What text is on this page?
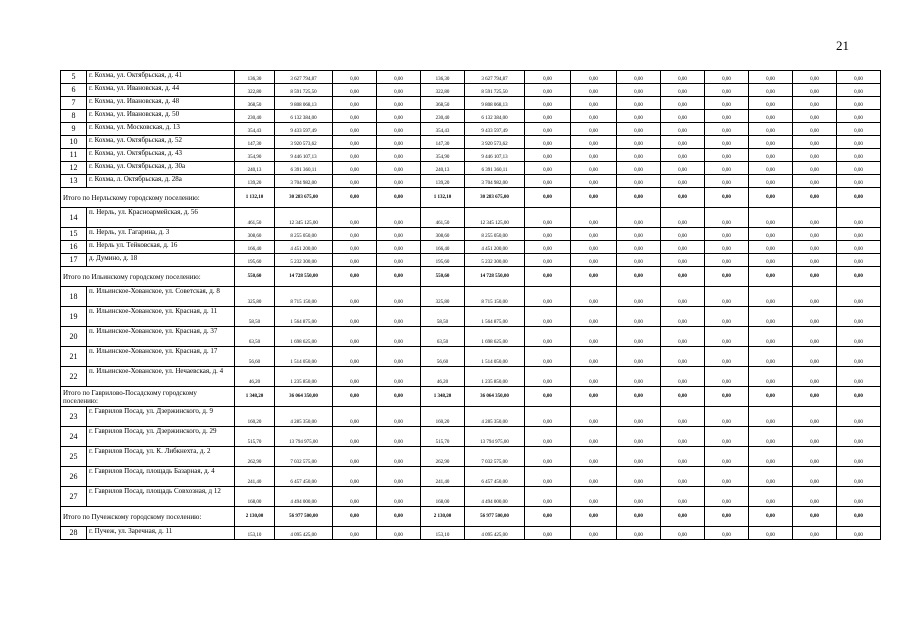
21
5	г. Кохма, ул. Октябрьская, д. 41	136,30	3 627 794,87	0,00	0,00	136,30	3 627 794,87	0,00	0,00	0,00	0,00	0,00	0,00	0,00	0,00
6	г. Кохма, ул. Ивановская, д. 44	322,80	8 591 725,50	0,00	0,00	322,80	8 591 725,50	0,00	0,00	0,00	0,00	0,00	0,00	0,00	0,00
7	г. Кохма, ул. Ивановская, д. 48	368,50	9 808 068,13	0,00	0,00	368,50	9 808 068,13	0,00	0,00	0,00	0,00	0,00	0,00	0,00	0,00
8	г. Кохма, ул. Ивановская, д. 50	230,40	6 132 384,00	0,00	0,00	230,40	6 132 384,00	0,00	0,00	0,00	0,00	0,00	0,00	0,00	0,00
9	г. Кохма, ул. Московская, д. 13	354,43	9 433 597,49	0,00	0,00	354,43	9 433 597,49	0,00	0,00	0,00	0,00	0,00	0,00	0,00	0,00
10	г. Кохма, ул. Октябрьская, д. 52	147,30	3 920 573,62	0,00	0,00	147,30	3 920 573,62	0,00	0,00	0,00	0,00	0,00	0,00	0,00	0,00
11	г. Кохма, ул. Октябрьская, д. 43	354,90	9 446 107,13	0,00	0,00	354,90	9 446 107,13	0,00	0,00	0,00	0,00	0,00	0,00	0,00	0,00
12	г. Кохма, ул. Октябрьская, д. 30а	240,13	6 391 360,11	0,00	0,00	240,13	6 391 360,11	0,00	0,00	0,00	0,00	0,00	0,00	0,00	0,00
13	г. Кохма, л. Октябрьская, д. 28а	139,20	3 704 982,00	0,00	0,00	139,20	3 704 982,00	0,00	0,00	0,00	0,00	0,00	0,00	0,00	0,00
Итого по Нерльскому городскому поселению:		1 132,10	30 283 675,00	0,00	0,00	1 132,10	30 283 675,00	0,00	0,00	0,00	0,00	0,00	0,00	0,00	0,00
14	п. Нерль, ул. Красноармейская, д. 56	461,50	12 345 125,00	0,00	0,00	461,50	12 345 125,00	0,00	0,00	0,00	0,00	0,00	0,00	0,00	0,00
15	п. Нерль, ул. Гагарина, д. 3	308,60	8 255 050,00	0,00	0,00	308,60	8 255 050,00	0,00	0,00	0,00	0,00	0,00	0,00	0,00	0,00
16	п. Нерль ул. Тейковская, д. 16	166,40	4 451 200,00	0,00	0,00	166,40	4 451 200,00	0,00	0,00	0,00	0,00	0,00	0,00	0,00	0,00
17	д. Думино, д. 18	195,60	5 232 300,00	0,00	0,00	195,60	5 232 300,00	0,00	0,00	0,00	0,00	0,00	0,00	0,00	0,00
Итого по Ильинскому городскому поселению:		550,60	14 728 550,00	0,00	0,00	550,60	14 728 550,00	0,00	0,00	0,00	0,00	0,00	0,00	0,00	0,00
18	п. Ильинское-Хованское, ул. Советская, д. 8	325,80	8 715 150,00	0,00	0,00	325,80	8 715 150,00	0,00	0,00	0,00	0,00	0,00	0,00	0,00	0,00
19	п. Ильинское-Хованское, ул. Красная, д. 11	58,50	1 564 875,00	0,00	0,00	58,50	1 564 875,00	0,00	0,00	0,00	0,00	0,00	0,00	0,00	0,00
20	п. Ильинское-Хованское, ул. Красная, д. 37	63,50	1 698 625,00	0,00	0,00	63,50	1 698 625,00	0,00	0,00	0,00	0,00	0,00	0,00	0,00	0,00
21	п. Ильинское-Хованское, ул. Красная, д. 17	56,60	1 514 050,00	0,00	0,00	56,60	1 514 050,00	0,00	0,00	0,00	0,00	0,00	0,00	0,00	0,00
22	п. Ильинское-Хованское, ул. Нечаевская, д. 4	46,20	1 235 850,00	0,00	0,00	46,20	1 235 850,00	0,00	0,00	0,00	0,00	0,00	0,00	0,00	0,00
Итого по Гаврилово-Посадскому городскому поселению:		1 348,20	36 064 350,00	0,00	0,00	1 348,20	36 064 350,00	0,00	0,00	0,00	0,00	0,00	0,00	0,00	0,00
23	г. Гаврилов Посад, ул. Дзержинского, д. 9	160,20	4 285 350,00	0,00	0,00	160,20	4 285 350,00	0,00	0,00	0,00	0,00	0,00	0,00	0,00	0,00
24	г. Гаврилов Посад, ул. Дзержинского, д. 29	515,70	13 794 975,00	0,00	0,00	515,70	13 794 975,00	0,00	0,00	0,00	0,00	0,00	0,00	0,00	0,00
25	г. Гаврилов Посад, ул. К. Либкнехта, д. 2	262,90	7 032 575,00	0,00	0,00	262,90	7 032 575,00	0,00	0,00	0,00	0,00	0,00	0,00	0,00	0,00
26	г. Гаврилов Посад, площадь Базарная, д. 4	241,40	6 457 450,00	0,00	0,00	241,40	6 457 450,00	0,00	0,00	0,00	0,00	0,00	0,00	0,00	0,00
27	г. Гаврилов Посад, площадь Совхозная, д 12	168,00	4 494 000,00	0,00	0,00	168,00	4 494 000,00	0,00	0,00	0,00	0,00	0,00	0,00	0,00	0,00
Итого по Пучежскому городскому поселению:		2 130,00	56 977 500,00	0,00	0,00	2 130,00	56 977 500,00	0,00	0,00	0,00	0,00	0,00	0,00	0,00	0,00
28	г. Пучеж, ул. Заречная, д. 11	153,10	4 095 425,00	0,00	0,00	153,10	4 095 425,00	0,00	0,00	0,00	0,00	0,00	0,00	0,00	0,00
